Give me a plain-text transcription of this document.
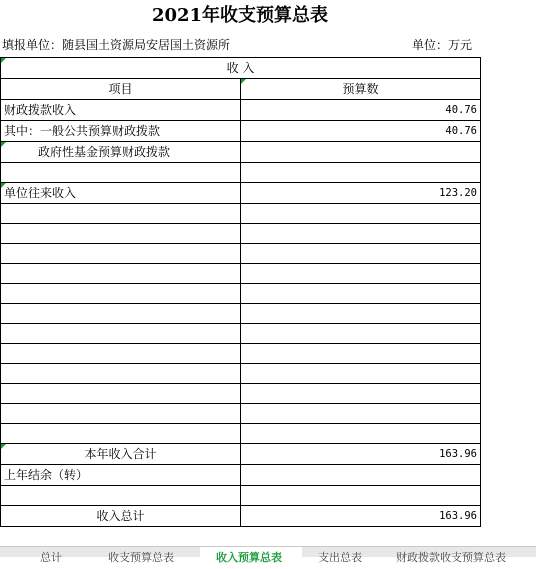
2021年收支预算总表
填报单位：随县国土资源局安居国土资源所	单位：万元
收 入	
项目	预算数
财政拨款收入	40.76
其中：一般公共预算财政拨款	40.76
政府性基金预算财政拨款	

单位往来收入	123.20

本年收入合计	163.96
上年结余（转）	

收入总计	163.96
总计	收支预算总表	收入预算总表	支出总表	财政拨款收支预算总表
